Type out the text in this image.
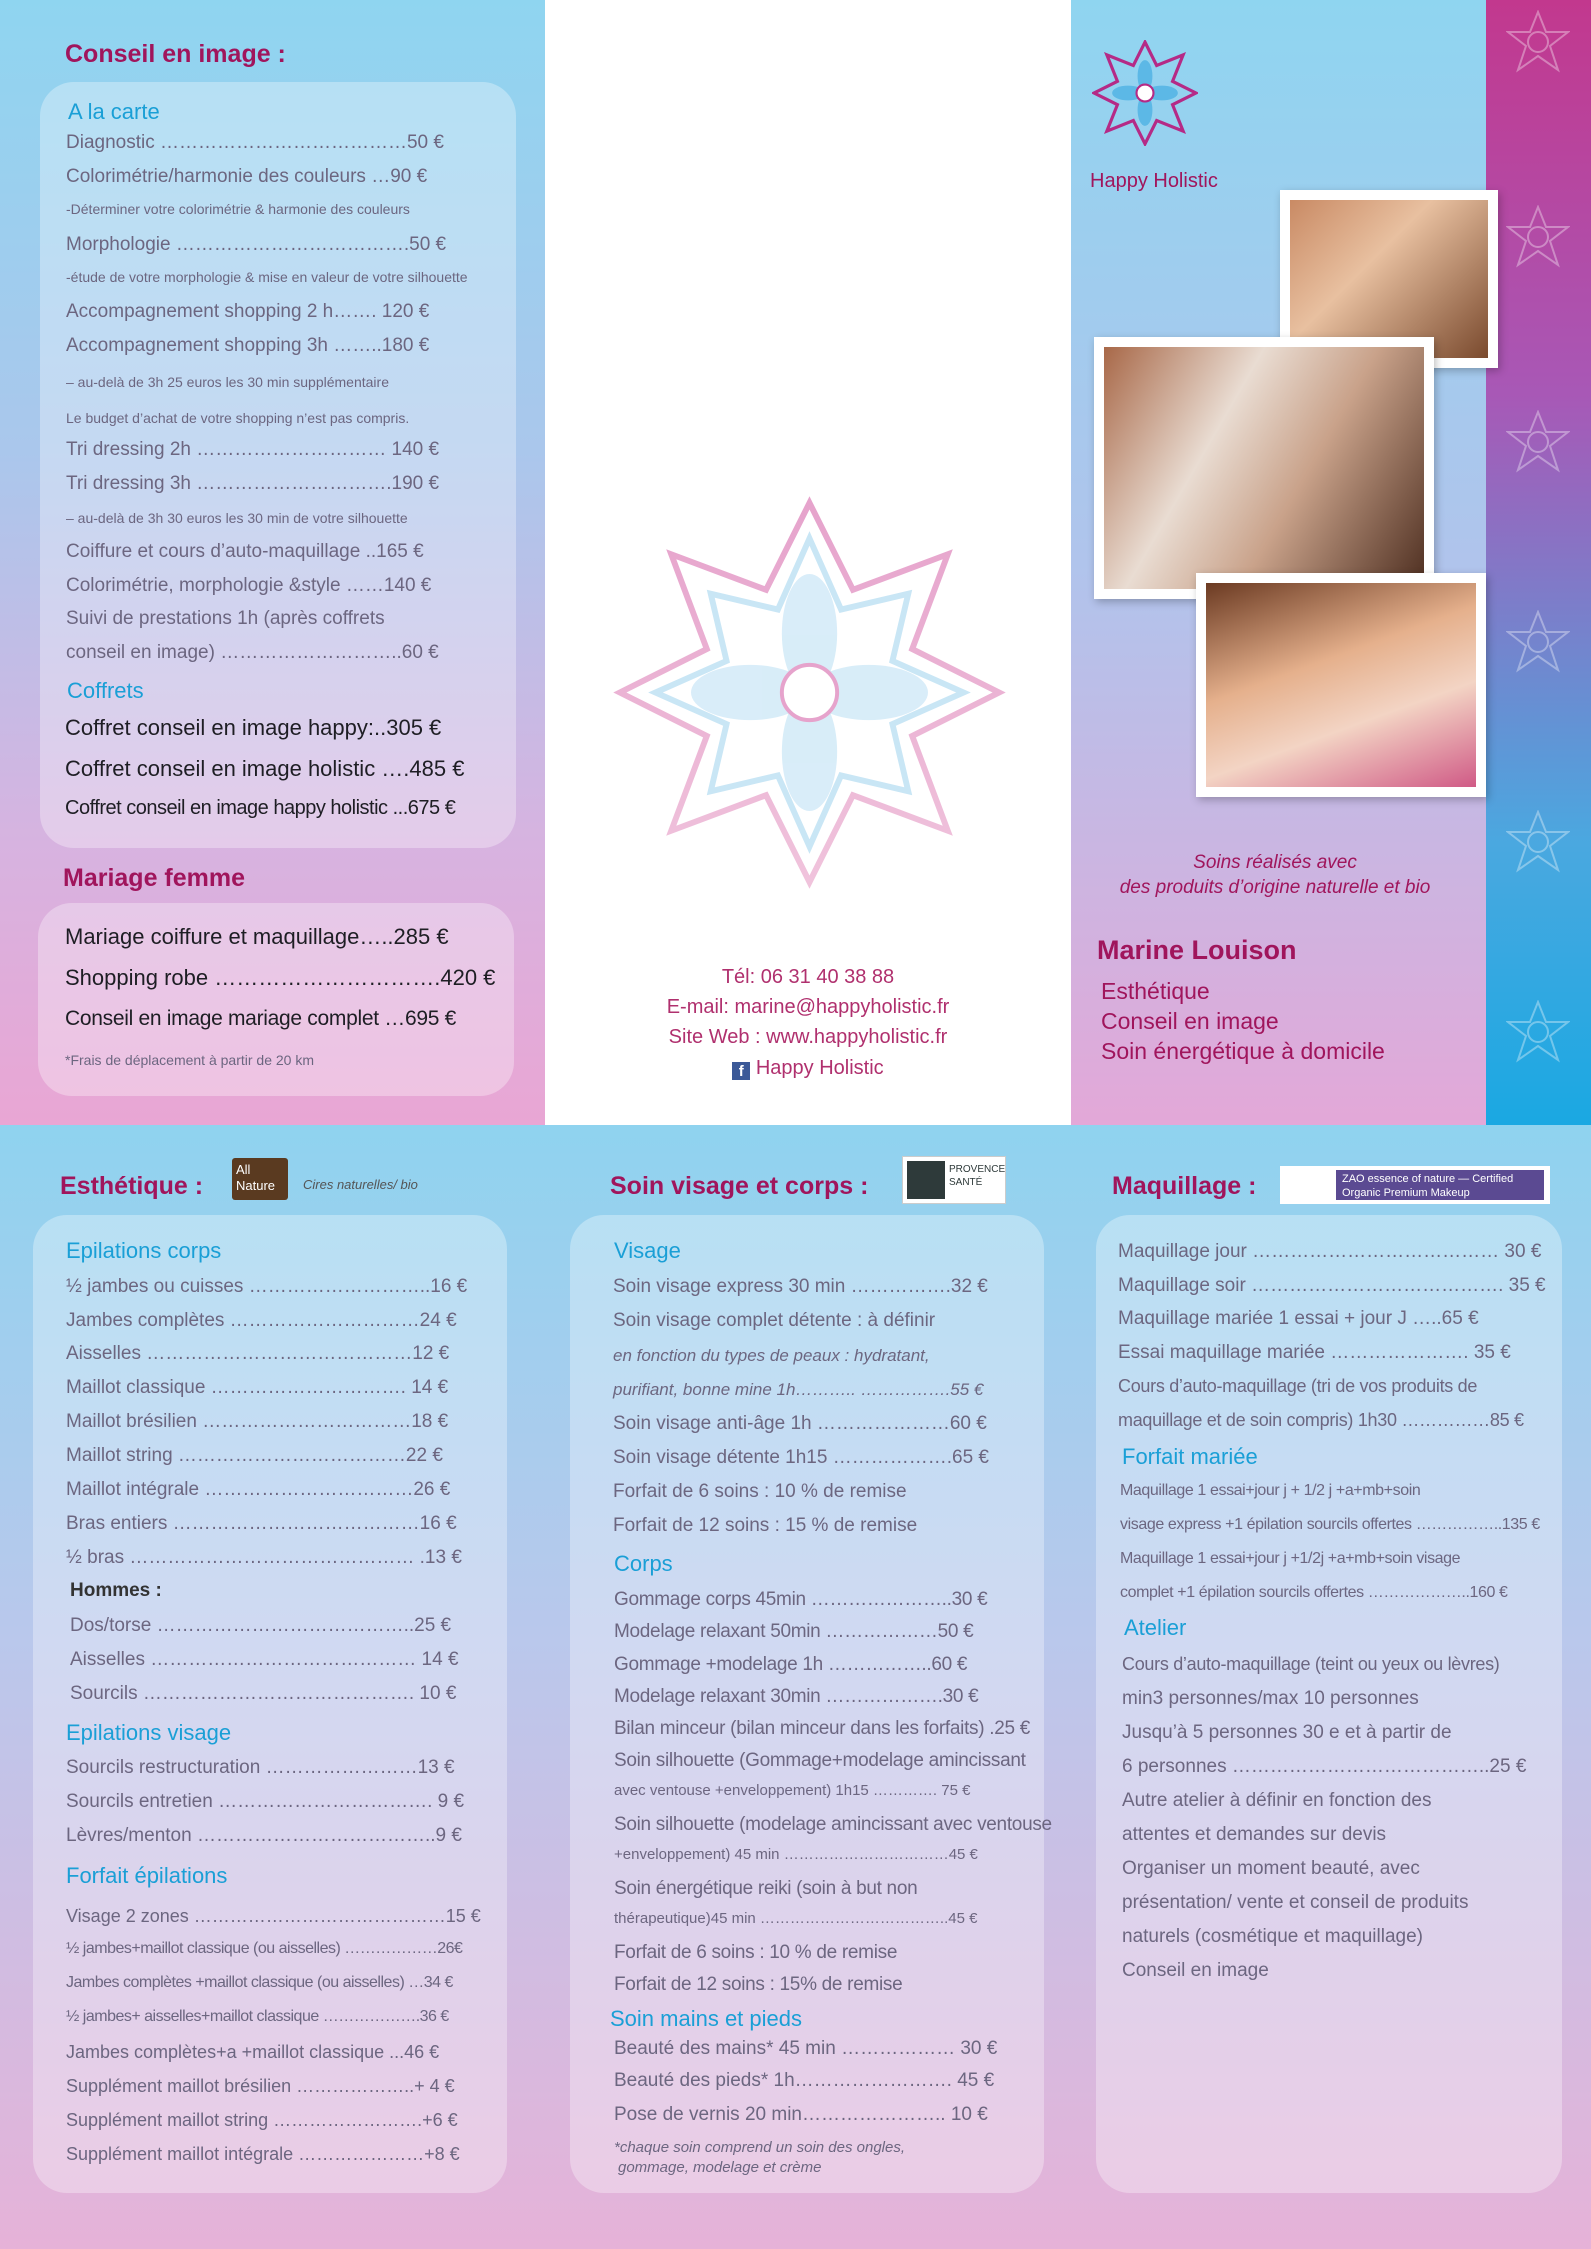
Conseil en image :
A la carte
Diagnostic …………………………………50 €
Colorimétrie/harmonie des couleurs …90 €
-Déterminer votre colorimétrie & harmonie des couleurs
Morphologie ……………………………….50 €
-étude de votre morphologie & mise en valeur de votre silhouette
Accompagnement shopping 2 h……. 120 €
Accompagnement shopping 3h ……..180 €
– au-delà de 3h 25 euros les 30 min supplémentaire
Le budget d’achat de votre shopping n’est pas compris.
Tri dressing 2h ………………………… 140 €
Tri dressing 3h ………………………….190 €
– au-delà de 3h 30 euros les 30 min de votre silhouette
Coiffure et cours d’auto-maquillage ..165 €
Colorimétrie, morphologie &style ……140 €
Suivi de prestations 1h (après coffrets
conseil en image) ………………………..60 €
Coffrets
Coffret conseil en image happy:..305 €
Coffret conseil en image holistic ….485 €
Coffret conseil en image happy holistic ...675 €
Mariage femme
Mariage coiffure et maquillage…..285 €
Shopping robe ………………………….420 €
Conseil en image mariage complet …695 €
*Frais de déplacement à partir de 20 km
Tél: 06 31 40 38 88
E-mail: marine@happyholistic.fr
Site Web : www.happyholistic.fr
f Happy Holistic
Happy Holistic
Soins réalisés avec
des produits d’origine naturelle et bio
Marine Louison
Esthétique
Conseil en image
Soin énergétique à domicile
Esthétique :
All Nature	Cires naturelles/ bio
Epilations corps
½ jambes ou cuisses ………………………..16 €
Jambes complètes …………………………24 €
Aisselles ……………………………………12 €
Maillot classique …………………………. 14 €
Maillot brésilien ……………………………18 €
Maillot string ………………………………22 €
Maillot intégrale ……………………………26 €
Bras entiers …………………………………16 €
½ bras ……………………………………… .13 €
Hommes :
Dos/torse …………………………………..25 €
Aisselles …………………………………… 14 €
Sourcils ……………………………………. 10 €
Epilations visage
Sourcils restructuration ……………………13 €
Sourcils entretien ……………………………. 9 €
Lèvres/menton ………………………………..9 €
Forfait épilations
Visage 2 zones ……………………………………15 €
½ jambes+maillot classique (ou aisselles) ………………26€
Jambes complètes +maillot classique (ou aisselles) …34 €
½ jambes+ aisselles+maillot classique ……………….36 €
Jambes complètes+a +maillot classique ...46 €
Supplément maillot brésilien ………………..+ 4 €
Supplément maillot string …………………….+6 €
Supplément maillot intégrale …………………+8 €
Soin visage et corps :
PROVENCE SANTÉ
Visage
Soin visage express 30 min …………….32 €
Soin visage complet détente : à définir
en fonction du types de peaux : hydratant,
purifiant, bonne mine 1h……….. …………….55 €
Soin visage anti-âge 1h …………………60 €
Soin visage détente 1h15 ……………….65 €
Forfait de 6 soins : 10 % de remise
Forfait de 12 soins : 15 % de remise
Corps
Gommage corps 45min …………………..30 €
Modelage relaxant 50min ………………50 €
Gommage +modelage 1h ……………..60 €
Modelage relaxant 30min ……………….30 €
Bilan minceur (bilan minceur dans les forfaits) .25 €
Soin silhouette (Gommage+modelage amincissant
avec ventouse +enveloppement) 1h15 …………. 75 €
Soin silhouette (modelage amincissant avec ventouse
+enveloppement) 45 min ……………………………45 €
Soin énergétique reiki (soin à but non
thérapeutique)45 min ………………………………..45 €
Forfait de 6 soins : 10 % de remise
Forfait de 12 soins : 15% de remise
Soin mains et pieds
Beauté des mains* 45 min ……………… 30 €
Beauté des pieds* 1h……………………. 45 €
Pose de vernis 20 min………………….. 10 €
*chaque soin comprend un soin des ongles,
gommage, modelage et crème
Maquillage :	ZAO essence of nature — Certified Organic Premium Makeup
Maquillage jour ………………………………… 30 €
Maquillage soir …………………………………. 35 €
Maquillage mariée 1 essai + jour J …..65 €
Essai maquillage mariée …………………. 35 €
Cours d’auto-maquillage (tri de vos produits de
maquillage et de soin compris) 1h30 ……………85 €
Forfait mariée
Maquillage 1 essai+jour j + 1/2 j +a+mb+soin
visage express +1 épilation sourcils offertes ……………..135 €
Maquillage 1 essai+jour j +1/2j +a+mb+soin visage
complet +1 épilation sourcils offertes ………………..160 €
Atelier
Cours d’auto-maquillage (teint ou yeux ou lèvres)
min3 personnes/max 10 personnes
Jusqu’à 5 personnes 30 e et à partir de
6 personnes …………………………………..25 €
Autre atelier à définir en fonction des
attentes et demandes sur devis
Organiser un moment beauté, avec
présentation/ vente et conseil de produits
naturels (cosmétique et maquillage)
Conseil en image
